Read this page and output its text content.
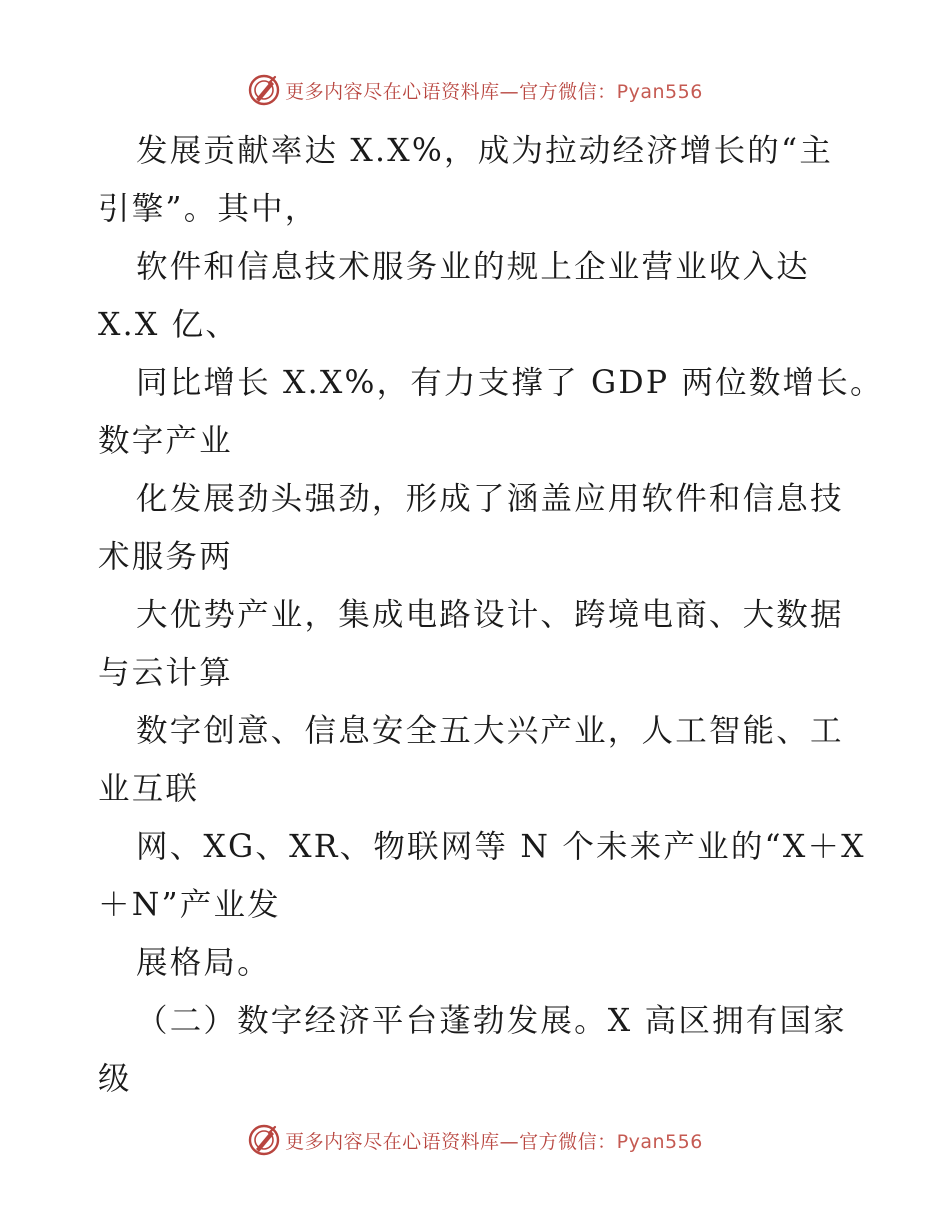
更多内容尽在心语资料库—官方微信：Pyan556
发展贡献率达 X.X%，成为拉动经济增长的“主
引擎”。其中，
软件和信息技术服务业的规上企业营业收入达
X.X 亿、
同比增长 X.X%，有力支撑了 GDP 两位数增长。
数字产业
化发展劲头强劲，形成了涵盖应用软件和信息技
术服务两
大优势产业，集成电路设计、跨境电商、大数据
与云计算
数字创意、信息安全五大兴产业，人工智能、工
业互联
网、XG、XR、物联网等 N 个未来产业的“X＋X
＋N”产业发
展格局。
（二）数字经济平台蓬勃发展。X 高区拥有国家
级
更多内容尽在心语资料库—官方微信：Pyan556
